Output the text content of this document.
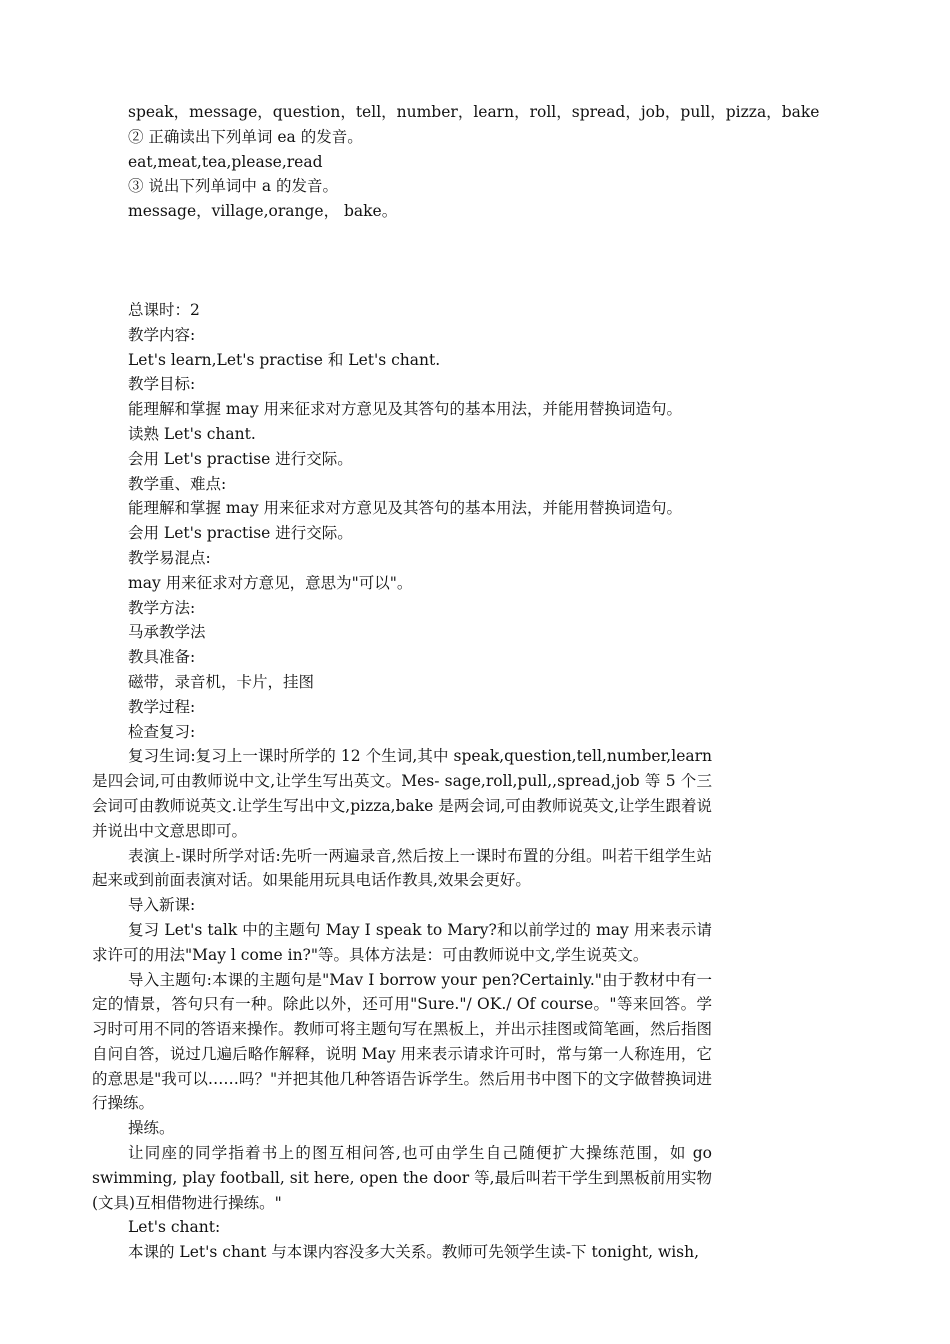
speak，message，question，tell，number，learn，roll，spread，job，pull，pizza，bake

② 正确读出下列单词 ea 的发音。

eat,meat,tea,please,read

③ 说出下列单词中 a 的发音。

message，village,orange， bake。

总课时：2

教学内容:

Let's learn,Let's practise 和 Let's chant.

教学目标:

能理解和掌握 may 用来征求对方意见及其答句的基本用法，并能用替换词造句。

读熟 Let's chant.

会用 Let's practise 进行交际。

教学重、难点:

能理解和掌握 may 用来征求对方意见及其答句的基本用法，并能用替换词造句。

会用 Let's practise 进行交际。

教学易混点:

may 用来征求对方意见，意思为"可以"。

教学方法:

马承教学法

教具准备:

磁带，录音机，卡片，挂图

教学过程:

检查复习:

复习生词:复习上一课时所学的 12 个生词,其中 speak,question,tell,number,learn 是四会词,可由教师说中文,让学生写出英文。Mes- sage,roll,pull,,spread,job 等 5 个三会词可由教师说英文.让学生写出中文,pizza,bake 是两会词,可由教师说英文,让学生跟着说并说出中文意思即可。

表演上-课时所学对话:先听一两遍录音,然后按上一课时布置的分组。叫若干组学生站起来或到前面表演对话。如果能用玩具电话作教具,效果会更好。

导入新课:

复习 Let's talk 中的主题句 May I speak to Mary?和以前学过的 may 用来表示请求许可的用法"May l come in?"等。具体方法是：可由教师说中文,学生说英文。

导入主题句:本课的主题句是"Mav I borrow your pen?Certainly."由于教材中有一定的情景，答句只有一种。除此以外，还可用"Sure."/ OK./ Of course。"等来回答。学习时可用不同的答语来操作。教师可将主题句写在黑板上，并出示挂图或简笔画，然后指图自问自答，说过几遍后略作解释，说明 May 用来表示请求许可时，常与第一人称连用，它的意思是"我可以……吗？"并把其他几种答语告诉学生。然后用书中图下的文字做替换词进行操练。

操练。

让同座的同学指着书上的图互相问答,也可由学生自己随便扩大操练范围，如 go swimming, play football, sit here, open the door 等,最后叫若干学生到黑板前用实物(文具)互相借物进行操练。"

Let's chant:

本课的 Let's chant 与本课内容没多大关系。教师可先领学生读-下 tonight, wish,
